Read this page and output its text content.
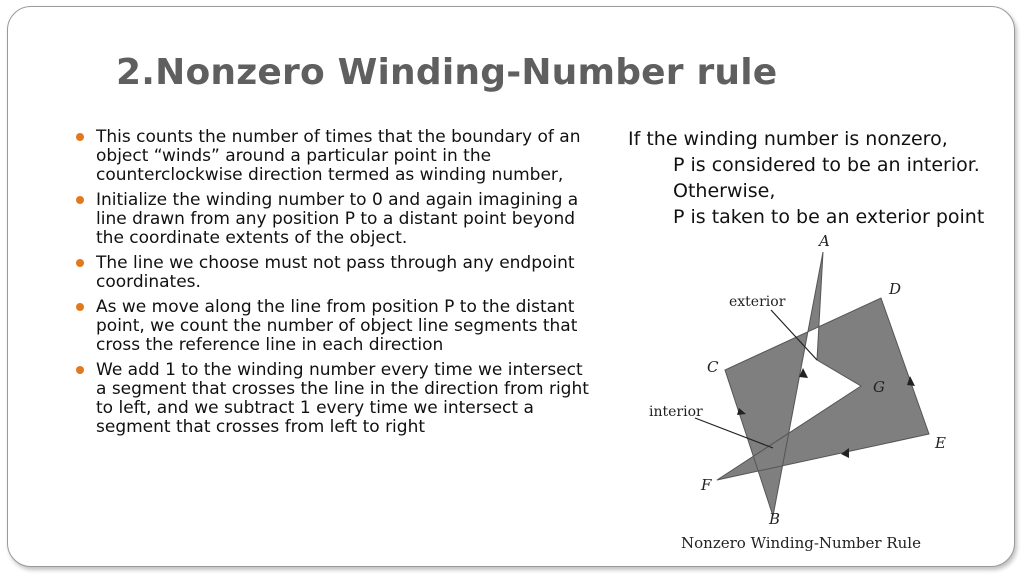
2.Nonzero Winding-Number rule
This counts the number of times that the boundary of an object “winds” around a particular point in the counterclockwise direction termed as winding number,
Initialize the winding number to 0 and again imagining a line drawn from any position P to a distant point beyond the coordinate extents of the object.
The line we choose must not pass through any endpoint coordinates.
As we move along the line from position P to the distant point, we count the number of object line segments that cross the reference line in each direction
We add 1 to the winding number every time we intersect a segment that crosses the line in the direction from right to left, and we subtract 1 every time we intersect a segment that crosses from left to right
If the winding number is nonzero,
P is considered to be an interior. Otherwise,
P is taken to be an exterior point
exterior
interior
A
B
C
D
E
F
G
Nonzero Winding-Number Rule
